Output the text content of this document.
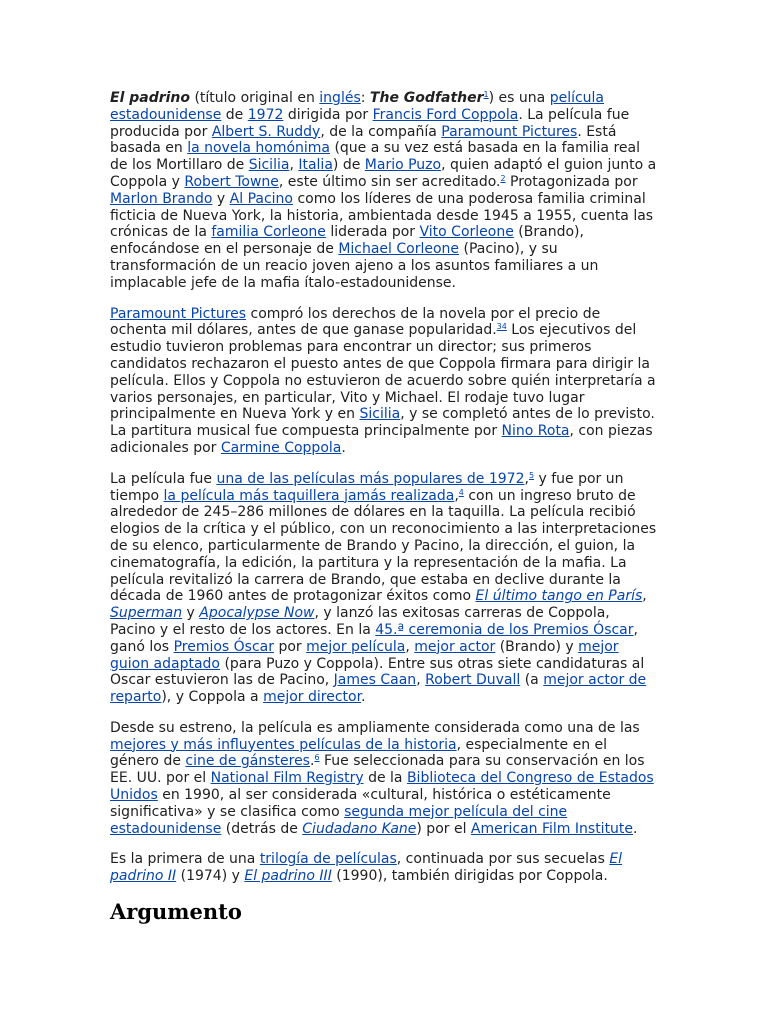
El padrino (título original en inglés: The Godfather$^1$) es una película estadounidense de 1972 dirigida por Francis Ford Coppola. La película fue producida por Albert S. Ruddy, de la compañía Paramount Pictures. Está basada en la novela homónima (que a su vez está basada en la familia real de los Mortillaro de Sicilia, Italia) de Mario Puzo, quien adaptó el guion junto a Coppola y Robert Towne, este último sin ser acreditado.$^2$ Protagonizada por Marlon Brando y Al Pacino como los líderes de una poderosa familia criminal ficticia de Nueva York, la historia, ambientada desde 1945 a 1955, cuenta las crónicas de la familia Corleone liderada por Vito Corleone (Brando), enfocándose en el personaje de Michael Corleone (Pacino), y su transformación de un reacio joven ajeno a los asuntos familiares a un implacable jefe de la mafia ítalo-estadounidense.

Paramount Pictures compró los derechos de la novela por el precio de ochenta mil dólares, antes de que ganase popularidad.$^{34}$ Los ejecutivos del estudio tuvieron problemas para encontrar un director; sus primeros candidatos rechazaron el puesto antes de que Coppola firmara para dirigir la película. Ellos y Coppola no estuvieron de acuerdo sobre quién interpretaría a varios personajes, en particular, Vito y Michael. El rodaje tuvo lugar principalmente en Nueva York y en Sicilia, y se completó antes de lo previsto. La partitura musical fue compuesta principalmente por Nino Rota, con piezas adicionales por Carmine Coppola.

La película fue una de las películas más populares de 1972,$^5$ y fue por un tiempo la película más taquillera jamás realizada,$^4$ con un ingreso bruto de alrededor de 245–286 millones de dólares en la taquilla. La película recibió elogios de la crítica y el público, con un reconocimiento a las interpretaciones de su elenco, particularmente de Brando y Pacino, la dirección, el guion, la cinematografía, la edición, la partitura y la representación de la mafia. La película revitalizó la carrera de Brando, que estaba en declive durante la década de 1960 antes de protagonizar éxitos como El último tango en París, Superman y Apocalypse Now, y lanzó las exitosas carreras de Coppola, Pacino y el resto de los actores. En la 45.ª ceremonia de los Premios Óscar, ganó los Premios Óscar por mejor película, mejor actor (Brando) y mejor guion adaptado (para Puzo y Coppola). Entre sus otras siete candidaturas al Oscar estuvieron las de Pacino, James Caan, Robert Duvall (a mejor actor de reparto), y Coppola a mejor director.

Desde su estreno, la película es ampliamente considerada como una de las mejores y más influyentes películas de la historia, especialmente en el género de cine de gánsteres.$^6$ Fue seleccionada para su conservación en los EE. UU. por el National Film Registry de la Biblioteca del Congreso de Estados Unidos en 1990, al ser considerada «cultural, histórica o estéticamente significativa» y se clasifica como segunda mejor película del cine estadounidense (detrás de Ciudadano Kane) por el American Film Institute.

Es la primera de una trilogía de películas, continuada por sus secuelas El padrino II (1974) y El padrino III (1990), también dirigidas por Coppola.

Argumento
